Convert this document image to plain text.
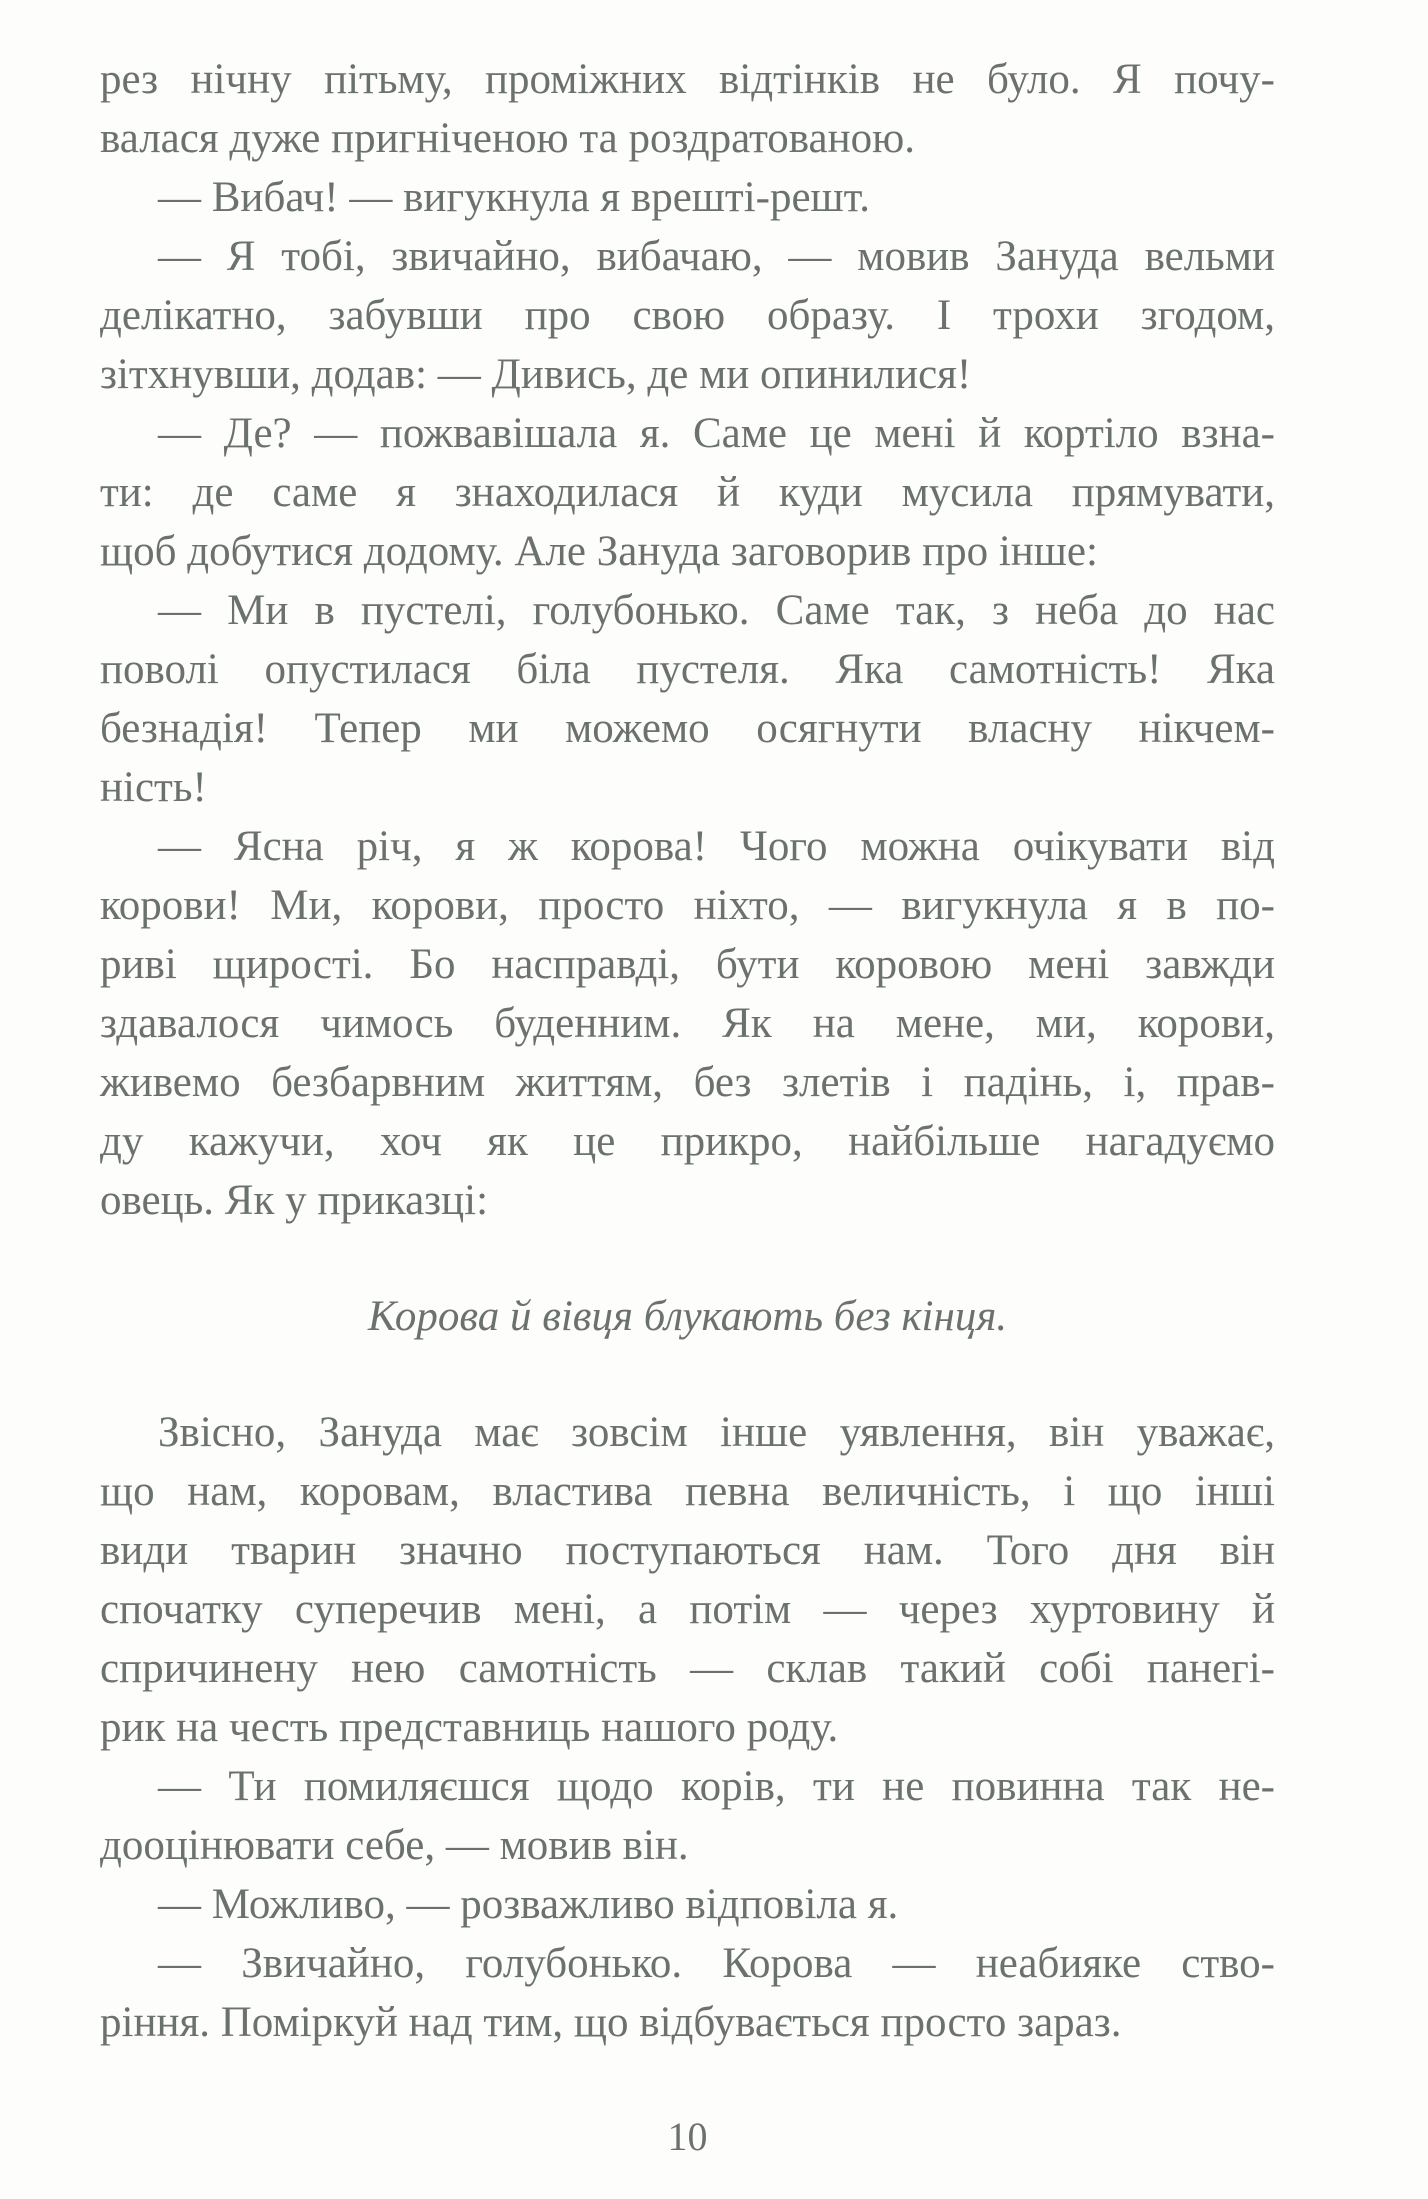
рез нічну пітьму, проміжних відтінків не було. Я почу-
валася дуже пригніченою та роздратованою.
— Вибач! — вигукнула я врешті-решт.
— Я тобі, звичайно, вибачаю, — мовив Зануда вельми
делікатно, забувши про свою образу. І трохи згодом,
зітхнувши, додав: — Дивись, де ми опинилися!
— Де? — пожвавішала я. Саме це мені й кортіло взна-
ти: де саме я знаходилася й куди мусила прямувати,
щоб добутися додому. Але Зануда заговорив про інше:
— Ми в пустелі, голубонько. Саме так, з неба до нас
поволі опустилася біла пустеля. Яка самотність! Яка
безнадія! Тепер ми можемо осягнути власну нікчем-
ність!
— Ясна річ, я ж корова! Чого можна очікувати від
корови! Ми, корови, просто ніхто, — вигукнула я в по-
риві щирості. Бо насправді, бути коровою мені завжди
здавалося чимось буденним. Як на мене, ми, корови,
живемо безбарвним життям, без злетів і падінь, і, прав-
ду кажучи, хоч як це прикро, найбільше нагадуємо
овець. Як у приказці:
Корова й вівця блукають без кінця.
Звісно, Зануда має зовсім інше уявлення, він уважає,
що нам, коровам, властива певна величність, і що інші
види тварин значно поступаються нам. Того дня він
спочатку суперечив мені, а потім — через хуртовину й
спричинену нею самотність — склав такий собі панегі-
рик на честь представниць нашого роду.
— Ти помиляєшся щодо корів, ти не повинна так не-
дооцінювати себе, — мовив він.
— Можливо, — розважливо відповіла я.
— Звичайно, голубонько. Корова — неабияке ство-
ріння. Поміркуй над тим, що відбувається просто зараз.
10
